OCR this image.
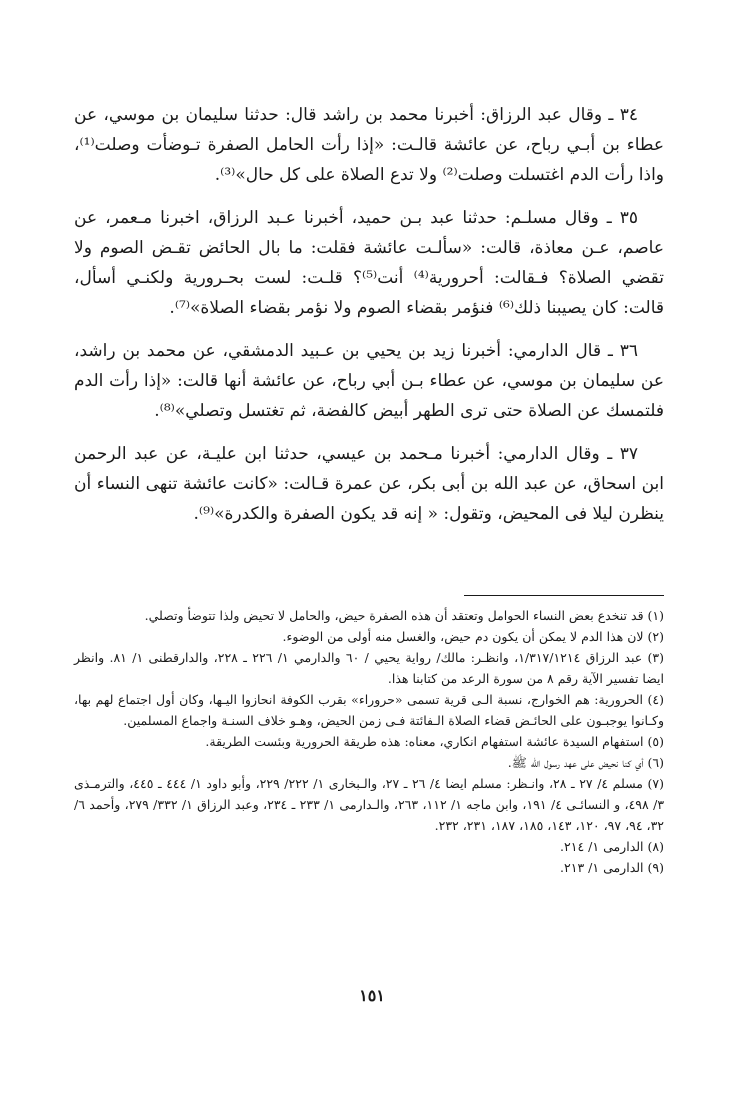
٣٤ ـ وقال عبد الرزاق: أخبرنا محمد بن راشد قال: حدثنا سليمان بن موسي، عن عطاء بن أبـي رباح، عن عائشة قالـت: «إذا رأت الحامل الصفرة تـوضأت وصلت⁽¹⁾، واذا رأت الدم اغتسلت وصلت⁽²⁾ ولا تدع الصلاة على كل حال»⁽³⁾.

٣٥ ـ وقال مسلـم: حدثنا عبد بـن حميد، أخبرنا عـبد الرزاق، اخبرنا مـعمر، عن عاصم، عـن معاذة، قالت: «سألـت عائشة فقلت: ما بال الحائض تقـض الصوم ولا تقضي الصلاة؟ فـقالت: أحرورية⁽⁴⁾ أنت⁽⁵⁾؟ قلـت: لست بحـرورية ولكنـي أسأل، قالت: كان يصيبنا ذلك⁽⁶⁾ فنؤمر بقضاء الصوم ولا نؤمر بقضاء الصلاة»⁽⁷⁾.

٣٦ ـ قال الدارمي: أخبرنا زيد بن يحيي بن عـبيد الدمشقي، عن محمد بن راشد، عن سليمان بن موسي، عن عطاء بـن أبي رباح، عن عائشة أنها قالت: «إذا رأت الدم فلتمسك عن الصلاة حتى ترى الطهر أبيض كالفضة، ثم تغتسل وتصلي»⁽⁸⁾.

٣٧ ـ وقال الدارمي: أخبرنا مـحمد بن عيسي، حدثنا ابن عليـة، عن عبد الرحمن ابن اسحاق، عن عبد الله بن أبى بكر، عن عمرة قـالت: «كانت عائشة تنهى النساء أن ينظرن ليلا فى المحيض، وتقول: « إنه قد يكون الصفرة والكدرة»⁽⁹⁾.

(١) قد تنخدع بعض النساء الحوامل وتعتقد أن هذه الصفرة حيض، والحامل لا تحيض ولذا تتوضأ وتصلي.

(٢) لان هذا الدم لا يمكن أن يكون دم حيض، والغسل منه أولى من الوضوء.

(٣) عبد الرزاق ١/٣١٧/١٢١٤، وانظـر: مالك/ رواية يحيي / ٦٠ والدارمي ١/ ٢٢٦ ـ ٢٢٨، والدارقطنى ١/ ٨١. وانظر ايضا تفسير الآية رقم ٨ من سورة الرعد من كتابنا هذا.

(٤) الحرورية: هم الخوارج، نسبة الـى قرية تسمى «حروراء» بقرب الكوفة انحازوا اليـها، وكان أول اجتماع لهم بها، وكـانوا يوجبـون على الحائـض قضاء الصلاة الـفائتة فـى زمن الحيض، وهـو خلاف السنـة واجماع المسلمين.

(٥) استفهام السيدة عائشة استفهام انكاري، معناه: هذه طريقة الحرورية وبئست الطريقة.

(٦) أي كنا نحيض على عهد رسول الله ﷺ.

(٧) مسلم ٤/ ٢٧ ـ ٢٨، وانـظر: مسلم ايضا ٤/ ٢٦ ـ ٢٧، والـبخارى ١/ ٢٢٢/ ٢٢٩، وأبو داود ١/ ٤٤٤ ـ ٤٤٥، والترمـذى ٣/ ٤٩٨، و النسائـى ٤/ ١٩١، وابن ماجه ١/ ١١٢، ٢٦٣، والـدارمى ١/ ٢٣٣ ـ ٢٣٤، وعبد الرزاق ١/ ٣٣٢/ ٢٧٩، وأحمد ٦/ ٣٢، ٩٤، ٩٧، ١٢٠، ١٤٣، ١٨٥، ١٨٧، ٢٣١، ٢٣٢.

(٨) الدارمى ١/ ٢١٤.

(٩) الدارمى ١/ ٢١٣.

١٥١
